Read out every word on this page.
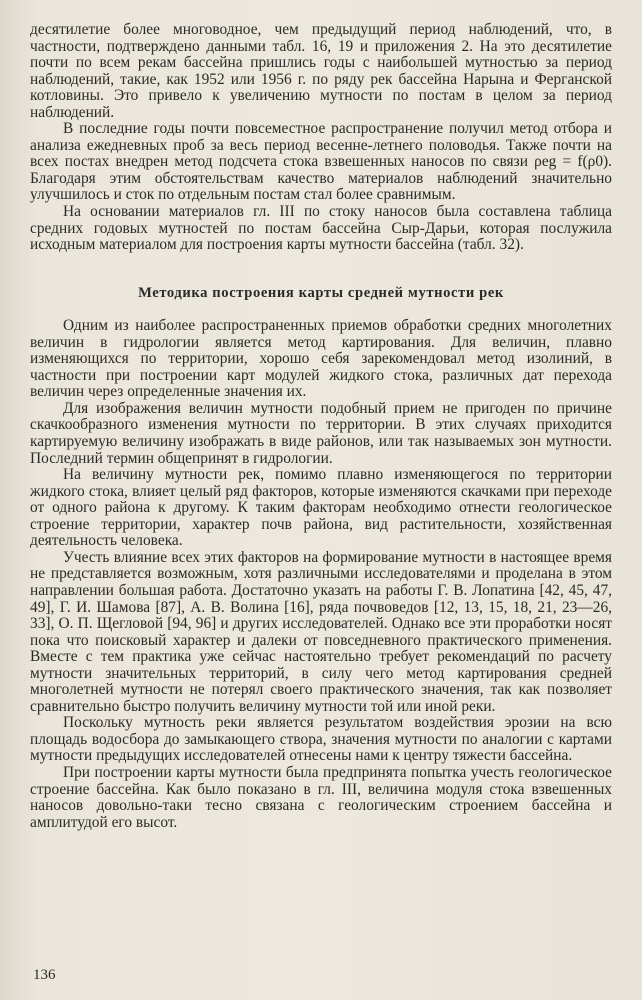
десятилетие более многоводное, чем предыдущий период наблюдений, что, в частности, подтверждено данными табл. 16, 19 и приложения 2. На это десятилетие почти по всем рекам бассейна пришлись годы с наибольшей мутностью за период наблюдений, такие, как 1952 или 1956 г. по ряду рек бассейна Нарына и Ферганской котловины. Это привело к увеличению мутности по постам в целом за период наблюдений.

В последние годы почти повсеместное распространение получил метод отбора и анализа ежедневных проб за весь период весенне-летнего половодья. Также почти на всех постах внедрен метод подсчета стока взвешенных наносов по связи ρeg = f(ρ0). Благодаря этим обстоятельствам качество материалов наблюдений значительно улучшилось и сток по отдельным постам стал более сравнимым.

На основании материалов гл. III по стоку наносов была составлена таблица средних годовых мутностей по постам бассейна Сыр-Дарьи, которая послужила исходным материалом для построения карты мутности бассейна (табл. 32).

Методика построения карты средней мутности рек

Одним из наиболее распространенных приемов обработки средних многолетних величин в гидрологии является метод картирования. Для величин, плавно изменяющихся по территории, хорошо себя зарекомендовал метод изолиний, в частности при построении карт модулей жидкого стока, различных дат перехода величин через определенные значения их.

Для изображения величин мутности подобный прием не пригоден по причине скачкообразного изменения мутности по территории. В этих случаях приходится картируемую величину изображать в виде районов, или так называемых зон мутности. Последний термин общепринят в гидрологии.

На величину мутности рек, помимо плавно изменяющегося по территории жидкого стока, влияет целый ряд факторов, которые изменяются скачками при переходе от одного района к другому. К таким факторам необходимо отнести геологическое строение территории, характер почв района, вид растительности, хозяйственная деятельность человека.

Учесть влияние всех этих факторов на формирование мутности в настоящее время не представляется возможным, хотя различными исследователями и проделана в этом направлении большая работа. Достаточно указать на работы Г. В. Лопатина [42, 45, 47, 49], Г. И. Шамова [87], А. В. Волина [16], ряда почвоведов [12, 13, 15, 18, 21, 23—26, 33], О. П. Щегловой [94, 96] и других исследователей. Однако все эти проработки носят пока что поисковый характер и далеки от повседневного практического применения. Вместе с тем практика уже сейчас настоятельно требует рекомендаций по расчету мутности значительных территорий, в силу чего метод картирования средней многолетней мутности не потерял своего практического значения, так как позволяет сравнительно быстро получить величину мутности той или иной реки.

Поскольку мутность реки является результатом воздействия эрозии на всю площадь водосбора до замыкающего створа, значения мутности по аналогии с картами мутности предыдущих исследователей отнесены нами к центру тяжести бассейна.

При построении карты мутности была предпринята попытка учесть геологическое строение бассейна. Как было показано в гл. III, величина модуля стока взвешенных наносов довольно-таки тесно связана с геологическим строением бассейна и амплитудой его высот.

136
